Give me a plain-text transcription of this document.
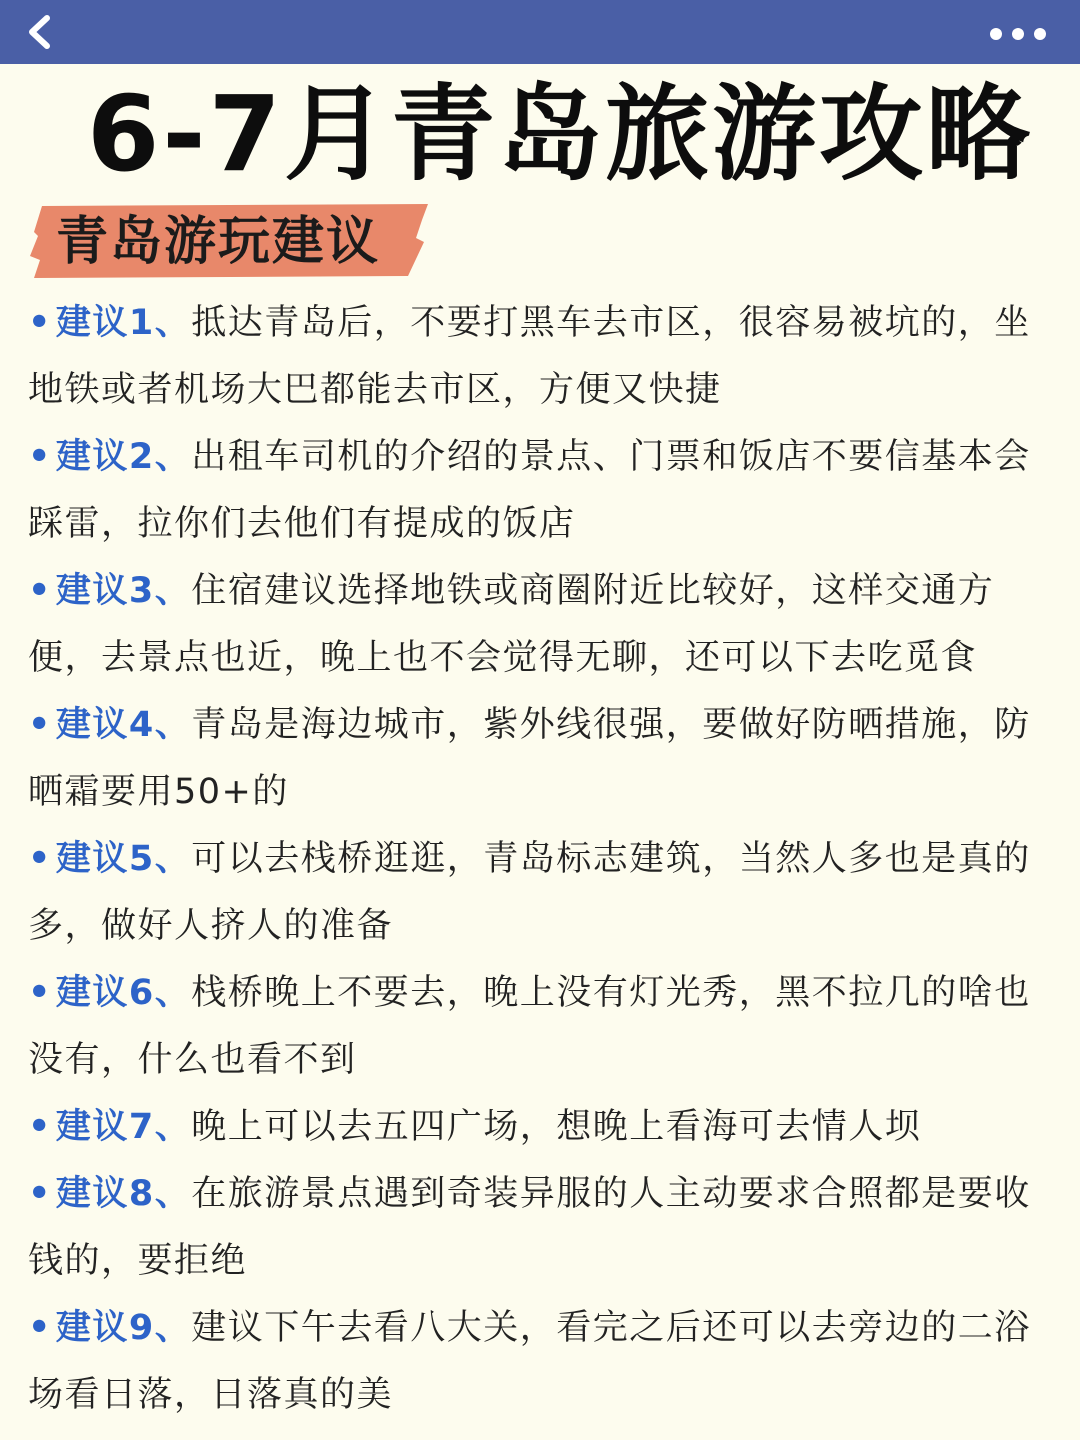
6-7月青岛旅游攻略
青岛游玩建议
• 建议1、抵达青岛后，不要打黑车去市区，很容易被坑的，坐地铁或者机场大巴都能去市区，方便又快捷
• 建议2、出租车司机的介绍的景点、门票和饭店不要信基本会踩雷，拉你们去他们有提成的饭店
• 建议3、住宿建议选择地铁或商圈附近比较好，这样交通方便，去景点也近，晚上也不会觉得无聊，还可以下去吃觅食
• 建议4、青岛是海边城市，紫外线很强，要做好防晒措施，防晒霜要用50+的
• 建议5、可以去栈桥逛逛，青岛标志建筑，当然人多也是真的多，做好人挤人的准备
• 建议6、栈桥晚上不要去，晚上没有灯光秀，黑不拉几的啥也没有，什么也看不到
• 建议7、晚上可以去五四广场，想晚上看海可去情人坝
• 建议8、在旅游景点遇到奇装异服的人主动要求合照都是要收钱的，要拒绝
• 建议9、建议下午去看八大关，看完之后还可以去旁边的二浴场看日落，日落真的美
